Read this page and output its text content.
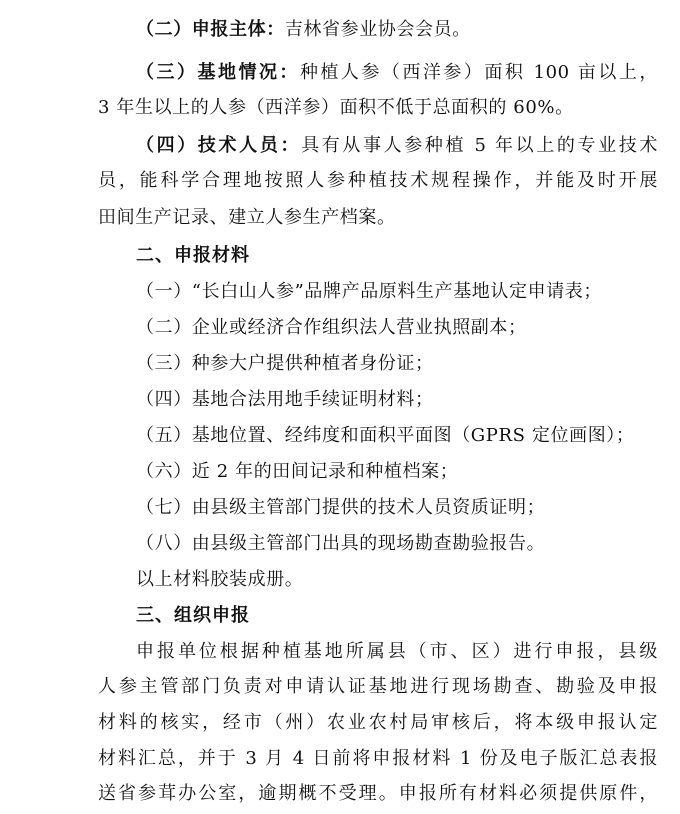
（二）申报主体：吉林省参业协会会员。
（三）基地情况：种植人参（西洋参）面积 100 亩以上，
3 年生以上的人参（西洋参）面积不低于总面积的 60%。
（四）技术人员：具有从事人参种植 5 年以上的专业技术
员，能科学合理地按照人参种植技术规程操作，并能及时开展
田间生产记录、建立人参生产档案。
二、申报材料
（一）“长白山人参”品牌产品原料生产基地认定申请表；
（二）企业或经济合作组织法人营业执照副本；
（三）种参大户提供种植者身份证；
（四）基地合法用地手续证明材料；
（五）基地位置、经纬度和面积平面图（GPRS 定位画图）；
（六）近 2 年的田间记录和种植档案；
（七）由县级主管部门提供的技术人员资质证明；
（八）由县级主管部门出具的现场勘查勘验报告。
以上材料胶装成册。
三、组织申报
申报单位根据种植基地所属县（市、区）进行申报，县级
人参主管部门负责对申请认证基地进行现场勘查、勘验及申报
材料的核实，经市（州）农业农村局审核后，将本级申报认定
材料汇总，并于 3 月 4 日前将申报材料 1 份及电子版汇总表报
送省参茸办公室，逾期概不受理。申报所有材料必须提供原件，
